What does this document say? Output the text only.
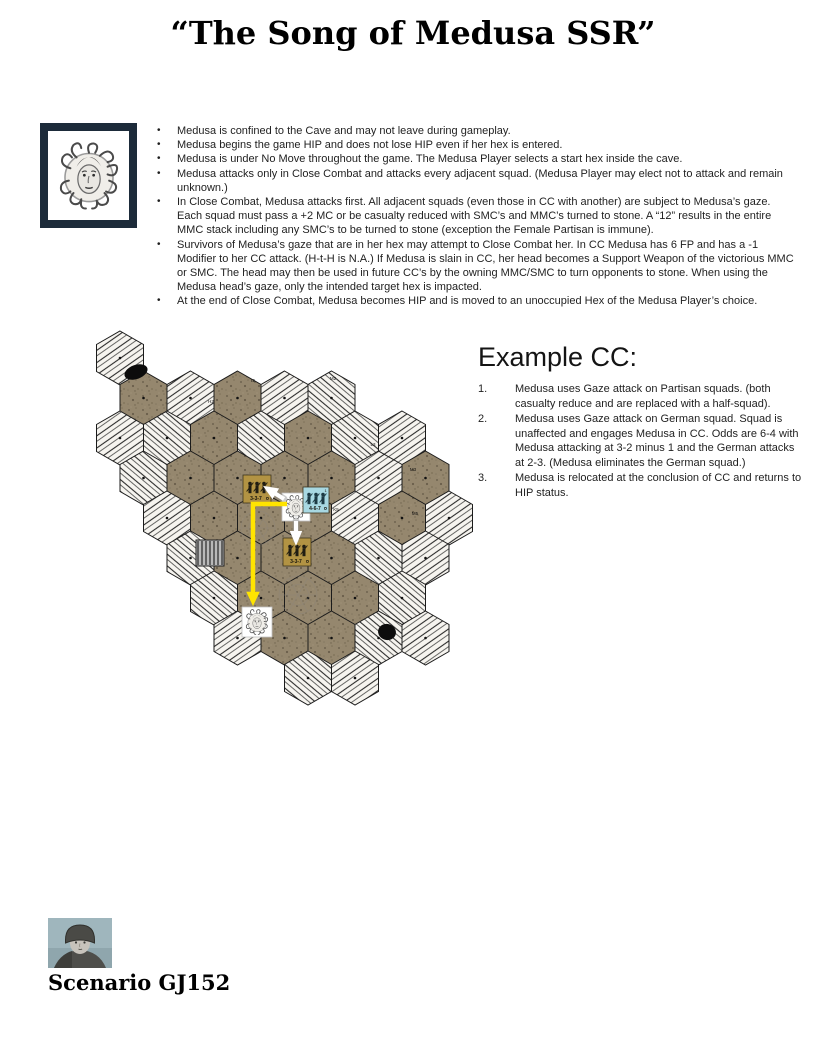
“The Song of Medusa SSR”
•	Medusa is confined to the Cave and may not leave during gameplay.
•	Medusa begins the game HIP and does not lose HIP even if her hex is entered.
•	Medusa is under No Move throughout the game. The Medusa Player selects a start hex inside the cave.
•	Medusa attacks only in Close Combat and attacks every adjacent squad. (Medusa Player may elect not to attack and remain unknown.)
•	In Close Combat, Medusa attacks first. All adjacent squads (even those in CC with another) are subject to Medusa’s gaze. Each squad must pass a +2 MC or be casualty reduced with SMC’s and MMC’s turned to stone. A “12” results in the entire MMC stack including any SMC’s to be turned to stone (exception the Female Partisan is immune).
•	Survivors of Medusa’s gaze that are in her hex may attempt to Close Combat her. In CC Medusa has 6 FP and has a -1 Modifier to her CC attack. (H-t-H is N.A.) If Medusa is slain in CC, her head becomes a Support Weapon of the victorious MMC or SMC. The head may then be used in future CC’s by the owning MMC/SMC to turn opponents to stone. When using the Medusa head’s gaze, only the intended target hex is impacted.
•	At the end of Close Combat, Medusa becomes HIP and is moved to an unoccupied Hex of the Medusa Player’s choice.
H2
I2	M2
L3
M3
K5
M5
3-3-7
4-6-7
1
3-3-7
Example CC:
1.	Medusa uses Gaze attack on Partisan squads. (both casualty reduce and are replaced with a half-squad).
2.	Medusa uses Gaze attack on German squad. Squad is unaffected and engages Medusa in CC. Odds are 6-4 with Medusa attacking at 3-2 minus 1 and the German attacks at 2-3. (Medusa eliminates the German squad.)
3.	Medusa is relocated at the conclusion of CC and returns to HIP status.
Scenario GJ152
